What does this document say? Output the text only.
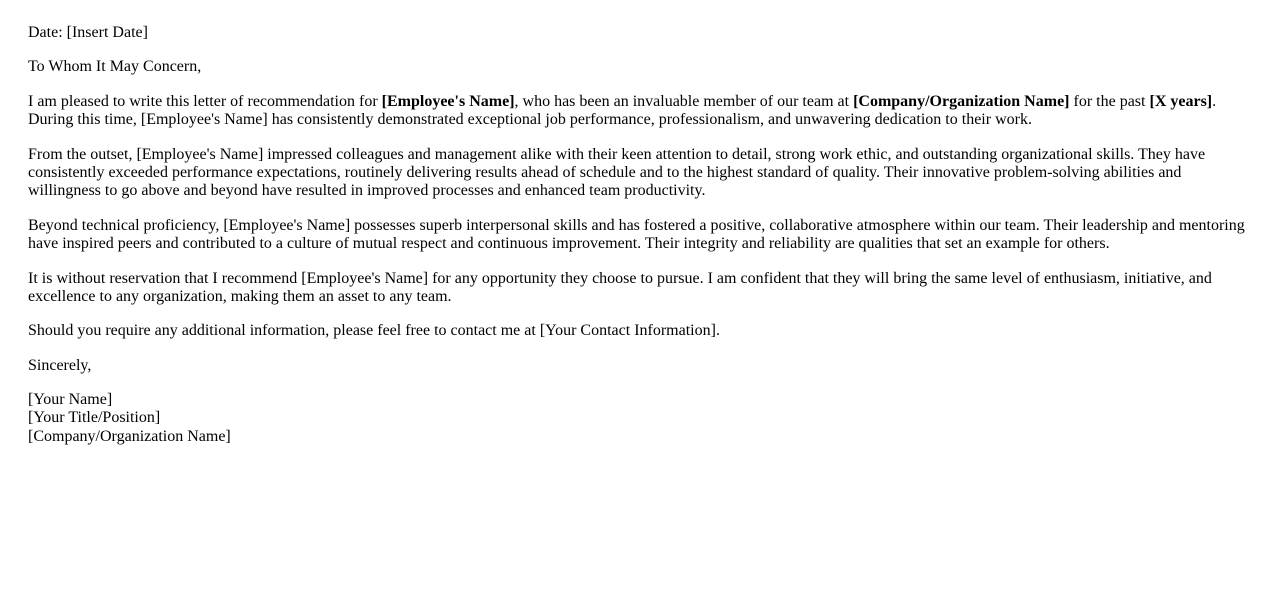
Date: [Insert Date]

To Whom It May Concern,

I am pleased to write this letter of recommendation for [Employee's Name], who has been an invaluable member of our team at [Company/Organization Name] for the past [X years]. During this time, [Employee's Name] has consistently demonstrated exceptional job performance, professionalism, and unwavering dedication to their work.

From the outset, [Employee's Name] impressed colleagues and management alike with their keen attention to detail, strong work ethic, and outstanding organizational skills. They have consistently exceeded performance expectations, routinely delivering results ahead of schedule and to the highest standard of quality. Their innovative problem-solving abilities and willingness to go above and beyond have resulted in improved processes and enhanced team productivity.

Beyond technical proficiency, [Employee's Name] possesses superb interpersonal skills and has fostered a positive, collaborative atmosphere within our team. Their leadership and mentoring have inspired peers and contributed to a culture of mutual respect and continuous improvement. Their integrity and reliability are qualities that set an example for others.

It is without reservation that I recommend [Employee's Name] for any opportunity they choose to pursue. I am confident that they will bring the same level of enthusiasm, initiative, and excellence to any organization, making them an asset to any team.

Should you require any additional information, please feel free to contact me at [Your Contact Information].

Sincerely,

[Your Name]
[Your Title/Position]
[Company/Organization Name]
